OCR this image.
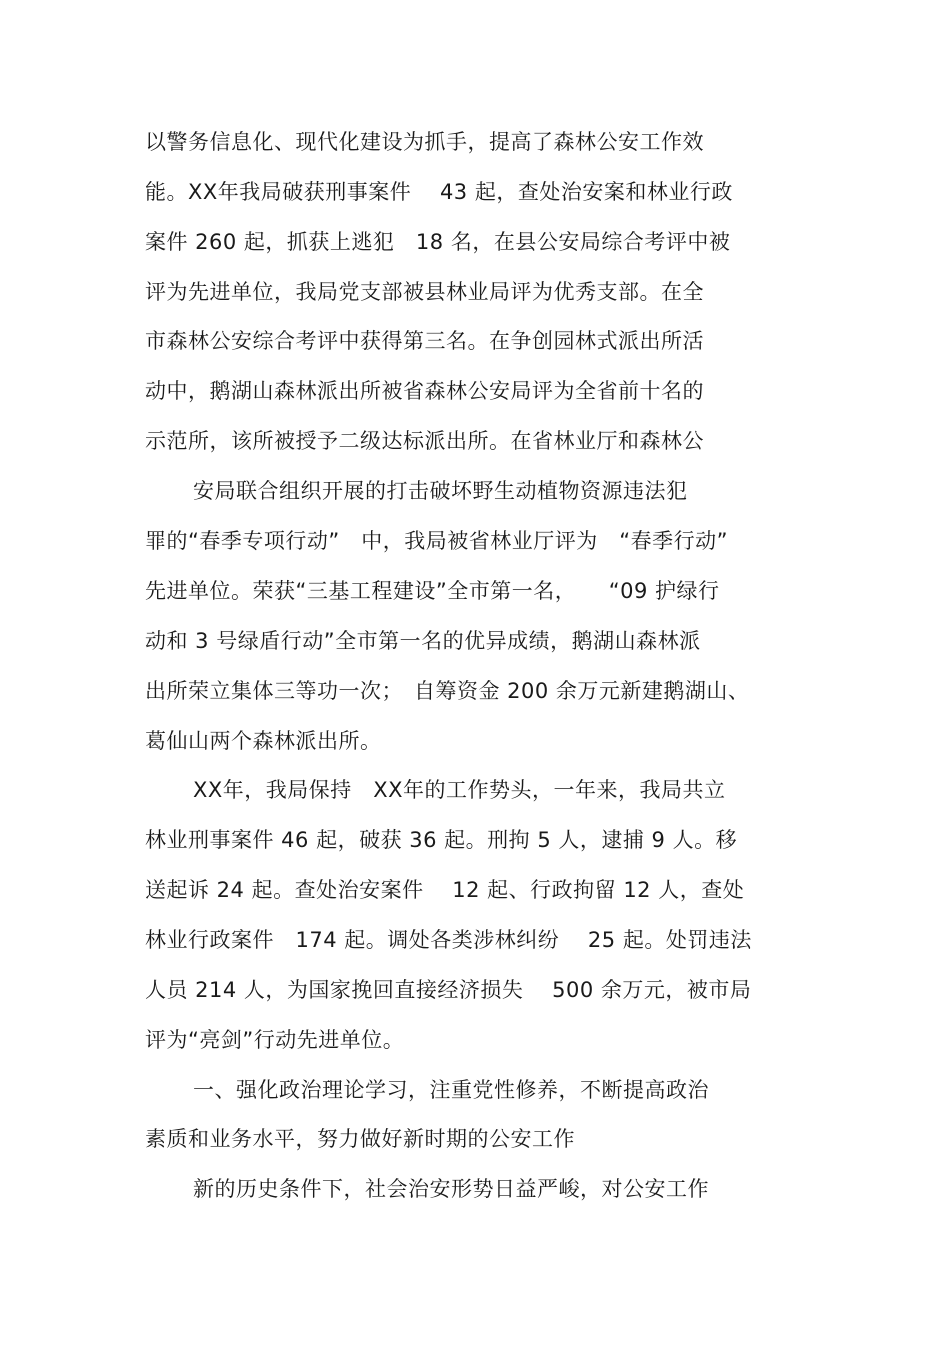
以警务信息化、现代化建设为抓手，提高了森林公安工作效
能。XX年我局破获刑事案件　 43 起，查处治安案和林业行政
案件 260 起，抓获上逃犯　18 名，在县公安局综合考评中被
评为先进单位，我局党支部被县林业局评为优秀支部。在全
市森林公安综合考评中获得第三名。在争创园林式派出所活
动中，鹅湖山森林派出所被省森林公安局评为全省前十名的
示范所，该所被授予二级达标派出所。在省林业厅和森林公
安局联合组织开展的打击破坏野生动植物资源违法犯
罪的“春季专项行动”　中，我局被省林业厅评为　“春季行动”
先进单位。荣获“三基工程建设”全市第一名，　　“09 护绿行
动和 3 号绿盾行动”全市第一名的优异成绩，鹅湖山森林派
出所荣立集体三等功一次；　自筹资金 200 余万元新建鹅湖山、
葛仙山两个森林派出所。
XX年，我局保持　XX年的工作势头，一年来，我局共立
林业刑事案件 46 起，破获 36 起。刑拘 5 人，逮捕 9 人。移
送起诉 24 起。查处治安案件　 12 起、行政拘留 12 人，查处
林业行政案件　174 起。调处各类涉林纠纷　 25 起。处罚违法
人员 214 人，为国家挽回直接经济损失　 500 余万元，被市局
评为“亮剑”行动先进单位。
一、强化政治理论学习，注重党性修养，不断提高政治
素质和业务水平，努力做好新时期的公安工作
新的历史条件下，社会治安形势日益严峻，对公安工作
